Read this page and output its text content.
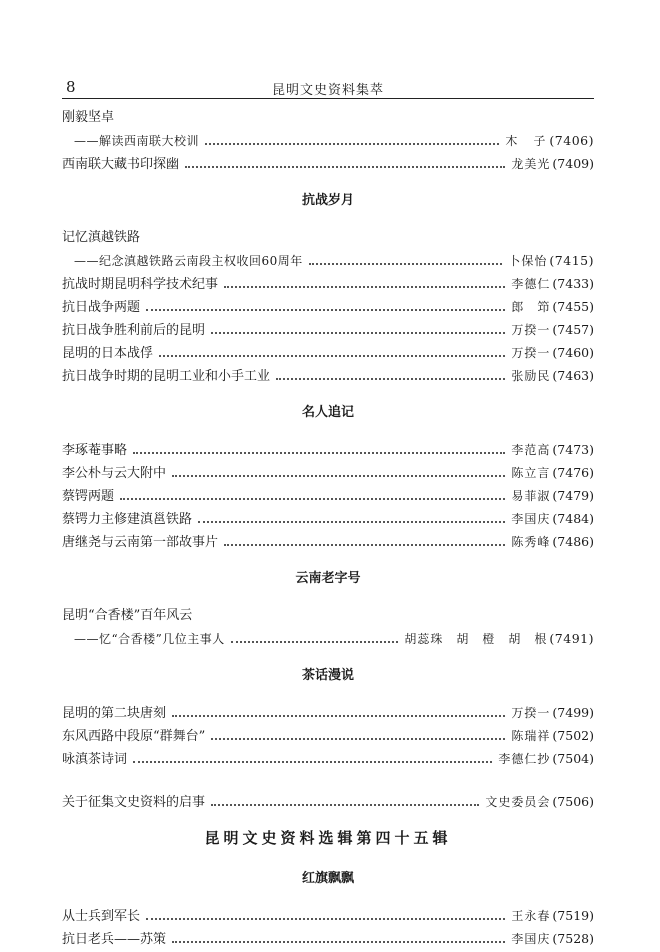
8	昆明文史资料集萃
刚毅坚卓
——解读西南联大校训	木　子 (7406)
西南联大藏书印探幽	龙美光 (7409)
抗战岁月
记忆滇越铁路
——纪念滇越铁路云南段主权收回60周年	卜保怡 (7415)
抗战时期昆明科学技术纪事	李德仁 (7433)
抗日战争两题	郎　笻 (7455)
抗日战争胜利前后的昆明	万揆一 (7457)
昆明的日本战俘	万揆一 (7460)
抗日战争时期的昆明工业和小手工业	张励民 (7463)
名人追记
李琢菴事略	李范高 (7473)
李公朴与云大附中	陈立言 (7476)
蔡锷两题	易菲淑 (7479)
蔡锷力主修建滇邕铁路	李国庆 (7484)
唐继尧与云南第一部故事片	陈秀峰 (7486)
云南老字号
昆明“合香楼”百年风云
——忆“合香楼”几位主事人	胡蕊珠　胡　橙　胡　根 (7491)
茶话漫说
昆明的第二块唐刻	万揆一 (7499)
东风西路中段原“群舞台”	陈瑞祥 (7502)
咏滇茶诗词	李德仁抄 (7504)
关于征集文史资料的启事	文史委员会 (7506)
昆明文史资料选辑第四十五辑
红旗飘飘
从士兵到军长	王永春 (7519)
抗日老兵——苏策	李国庆 (7528)
